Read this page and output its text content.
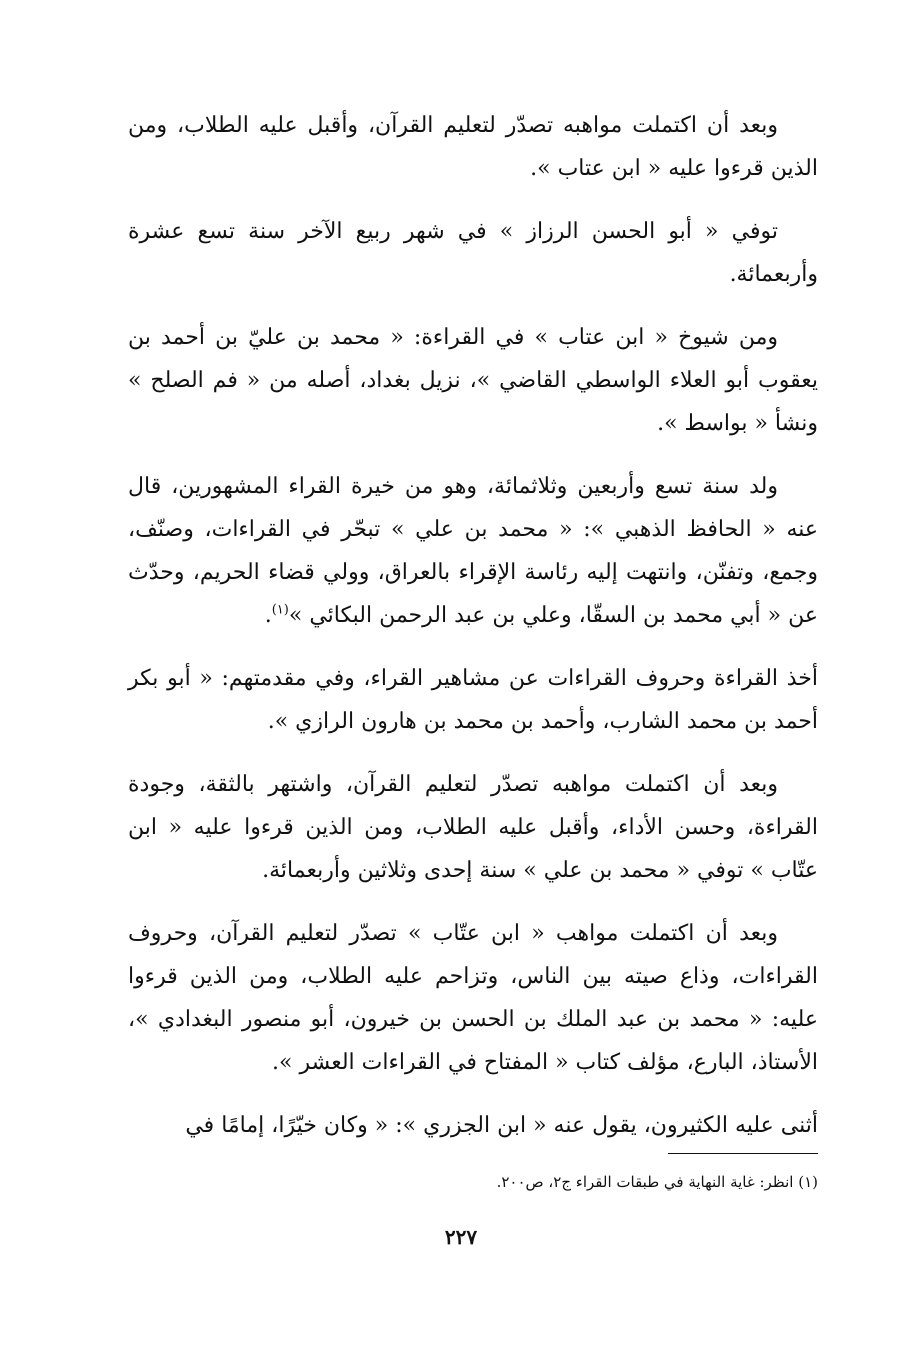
وبعد أن اكتملت مواهبه تصدّر لتعليم القرآن، وأقبل عليه الطلاب، ومن الذين قرءوا عليه « ابن عتاب ».

توفي « أبو الحسن الرزاز » في شهر ربيع الآخر سنة تسع عشرة وأربعمائة.

ومن شيوخ « ابن عتاب » في القراءة: « محمد بن عليّ بن أحمد بن يعقوب أبو العلاء الواسطي القاضي »، نزيل بغداد، أصله من « فم الصلح » ونشأ « بواسط ».

ولد سنة تسع وأربعين وثلاثمائة، وهو من خيرة القراء المشهورين، قال عنه « الحافظ الذهبي »: « محمد بن علي » تبحّر في القراءات، وصنّف، وجمع، وتفنّن، وانتهت إليه رئاسة الإقراء بالعراق، وولي قضاء الحريم، وحدّث عن « أبي محمد بن السقّا، وعلي بن عبد الرحمن البكائي »$^{(١)}$.

أخذ القراءة وحروف القراءات عن مشاهير القراء، وفي مقدمتهم: « أبو بكر أحمد بن محمد الشارب، وأحمد بن محمد بن هارون الرازي ».

وبعد أن اكتملت مواهبه تصدّر لتعليم القرآن، واشتهر بالثقة، وجودة القراءة، وحسن الأداء، وأقبل عليه الطلاب، ومن الذين قرءوا عليه « ابن عتّاب » توفي « محمد بن علي » سنة إحدى وثلاثين وأربعمائة.

وبعد أن اكتملت مواهب « ابن عتّاب » تصدّر لتعليم القرآن، وحروف القراءات، وذاع صيته بين الناس، وتزاحم عليه الطلاب، ومن الذين قرءوا عليه: « محمد بن عبد الملك بن الحسن بن خيرون، أبو منصور البغدادي »، الأستاذ، البارع، مؤلف كتاب « المفتاح في القراءات العشر ».

أثنى عليه الكثيرون، يقول عنه « ابن الجزري »: « وكان خيّرًا، إمامًا في

(١) انظر: غاية النهاية في طبقات القراء ج٢، ص٢٠٠.
٢٢٧
